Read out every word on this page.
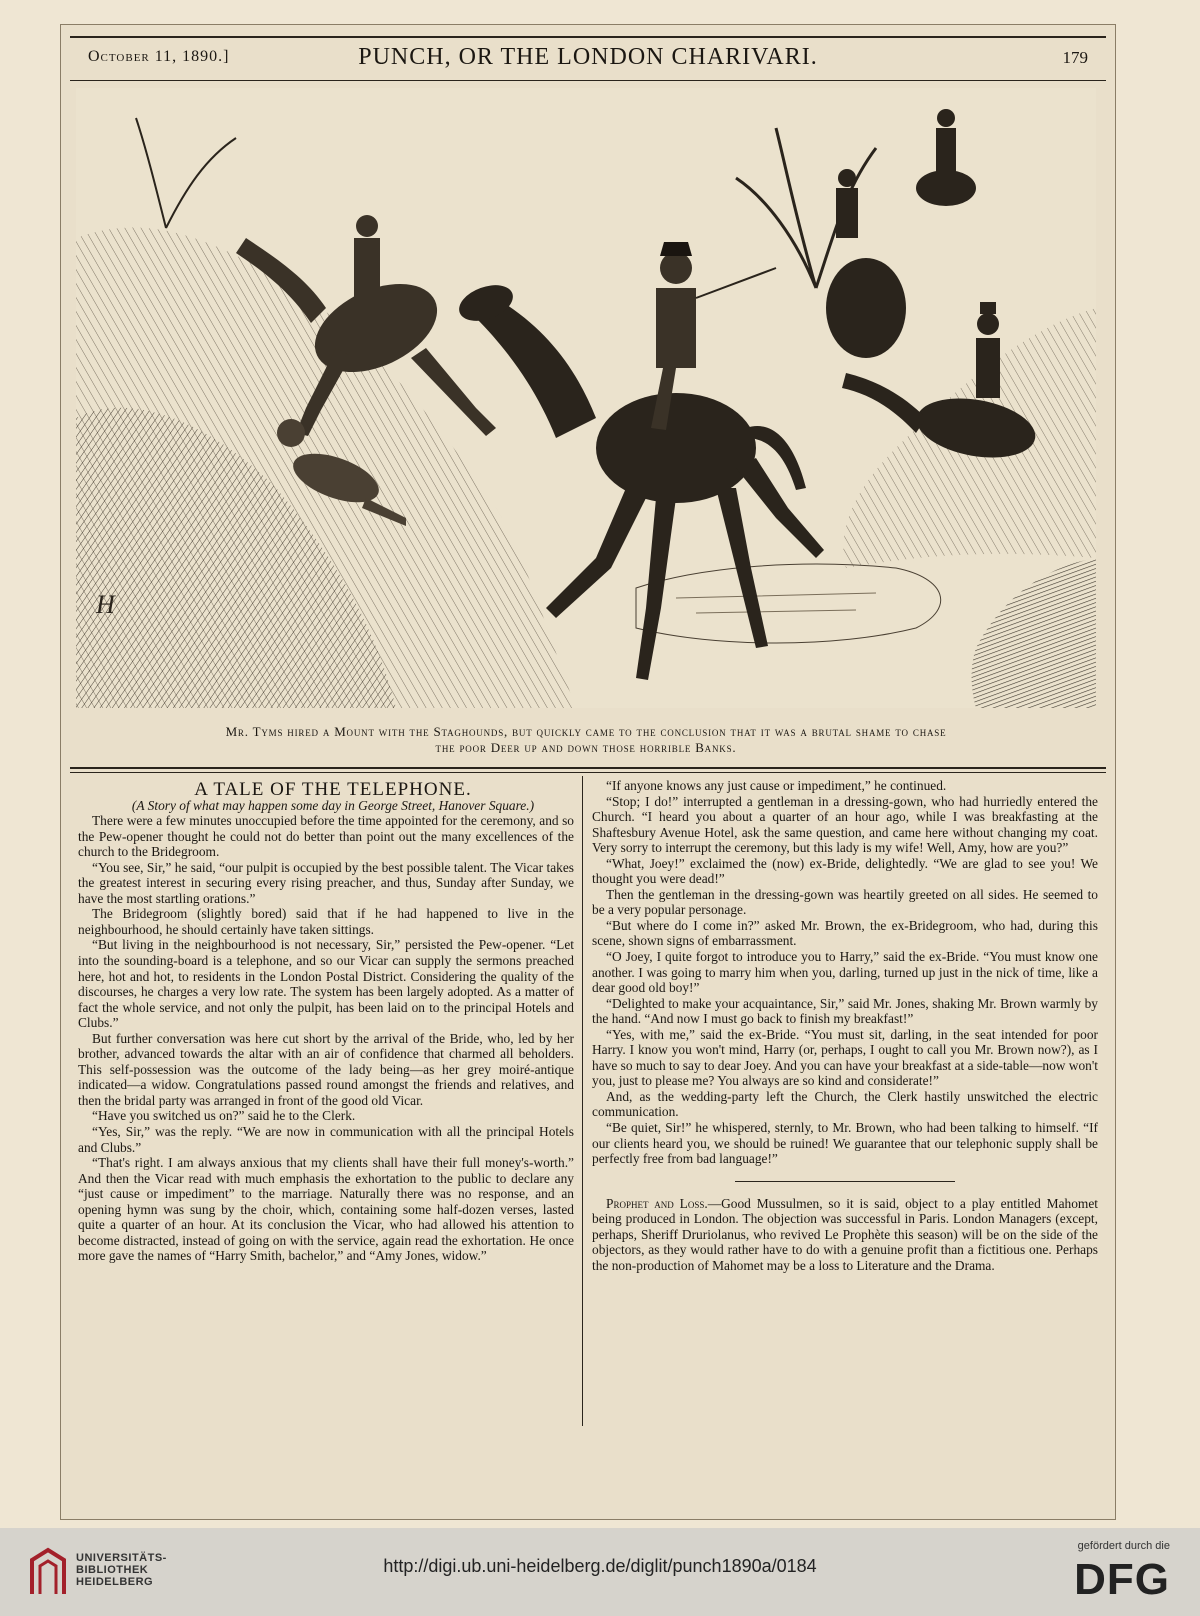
October 11, 1890.]	PUNCH, OR THE LONDON CHARIVARI.	179
H
Mr. Tyms hired a Mount with the Staghounds, but quickly came to the conclusion that it was a brutal shame to chase
the poor Deer up and down those horrible Banks.

A TALE OF THE TELEPHONE.

(A Story of what may happen some day in George Street, Hanover Square.)

There were a few minutes unoccupied before the time appointed for the ceremony, and so the Pew-opener thought he could not do better than point out the many excellences of the church to the Bridegroom.

“You see, Sir,” he said, “our pulpit is occupied by the best possible talent. The Vicar takes the greatest interest in securing every rising preacher, and thus, Sunday after Sunday, we have the most startling orations.”

The Bridegroom (slightly bored) said that if he had happened to live in the neighbourhood, he should certainly have taken sittings.

“But living in the neighbourhood is not necessary, Sir,” persisted the Pew-opener. “Let into the sounding-board is a telephone, and so our Vicar can supply the sermons preached here, hot and hot, to residents in the London Postal District. Considering the quality of the discourses, he charges a very low rate. The system has been largely adopted. As a matter of fact the whole service, and not only the pulpit, has been laid on to the principal Hotels and Clubs.”

But further conversation was here cut short by the arrival of the Bride, who, led by her brother, advanced towards the altar with an air of confidence that charmed all beholders. This self-possession was the outcome of the lady being—as her grey moiré-antique indicated—a widow. Congratulations passed round amongst the friends and relatives, and then the bridal party was arranged in front of the good old Vicar.

“Have you switched us on?” said he to the Clerk.

“Yes, Sir,” was the reply. “We are now in communication with all the principal Hotels and Clubs.”

“That's right. I am always anxious that my clients shall have their full money's-worth.” And then the Vicar read with much emphasis the exhortation to the public to declare any “just cause or impediment” to the marriage. Naturally there was no response, and an opening hymn was sung by the choir, which, containing some half-dozen verses, lasted quite a quarter of an hour. At its conclusion the Vicar, who had allowed his attention to become distracted, instead of going on with the service, again read the exhortation. He once more gave the names of “Harry Smith, bachelor,” and “Amy Jones, widow.”

“If anyone knows any just cause or impediment,” he continued.

“Stop; I do!” interrupted a gentleman in a dressing-gown, who had hurriedly entered the Church. “I heard you about a quarter of an hour ago, while I was breakfasting at the Shaftesbury Avenue Hotel, ask the same question, and came here without changing my coat. Very sorry to interrupt the ceremony, but this lady is my wife! Well, Amy, how are you?”

“What, Joey!” exclaimed the (now) ex-Bride, delightedly. “We are glad to see you! We thought you were dead!”

Then the gentleman in the dressing-gown was heartily greeted on all sides. He seemed to be a very popular personage.

“But where do I come in?” asked Mr. Brown, the ex-Bridegroom, who had, during this scene, shown signs of embarrassment.

“O Joey, I quite forgot to introduce you to Harry,” said the ex-Bride. “You must know one another. I was going to marry him when you, darling, turned up just in the nick of time, like a dear good old boy!”

“Delighted to make your acquaintance, Sir,” said Mr. Jones, shaking Mr. Brown warmly by the hand. “And now I must go back to finish my breakfast!”

“Yes, with me,” said the ex-Bride. “You must sit, darling, in the seat intended for poor Harry. I know you won't mind, Harry (or, perhaps, I ought to call you Mr. Brown now?), as I have so much to say to dear Joey. And you can have your breakfast at a side-table—now won't you, just to please me? You always are so kind and considerate!”

And, as the wedding-party left the Church, the Clerk hastily unswitched the electric communication.

“Be quiet, Sir!” he whispered, sternly, to Mr. Brown, who had been talking to himself. “If our clients heard you, we should be ruined! We guarantee that our telephonic supply shall be perfectly free from bad language!”

Prophet and Loss.—Good Mussulmen, so it is said, object to a play entitled Mahomet being produced in London. The objection was successful in Paris. London Managers (except, perhaps, Sheriff Druriolanus, who revived Le Prophète this season) will be on the side of the objectors, as they would rather have to do with a genuine profit than a fictitious one. Perhaps the non-production of Mahomet may be a loss to Literature and the Drama.

UNIVERSITÄTS-
BIBLIOTHEK
HEIDELBERG
http://digi.ub.uni-heidelberg.de/diglit/punch1890a/0184
gefördert durch die
DFG
